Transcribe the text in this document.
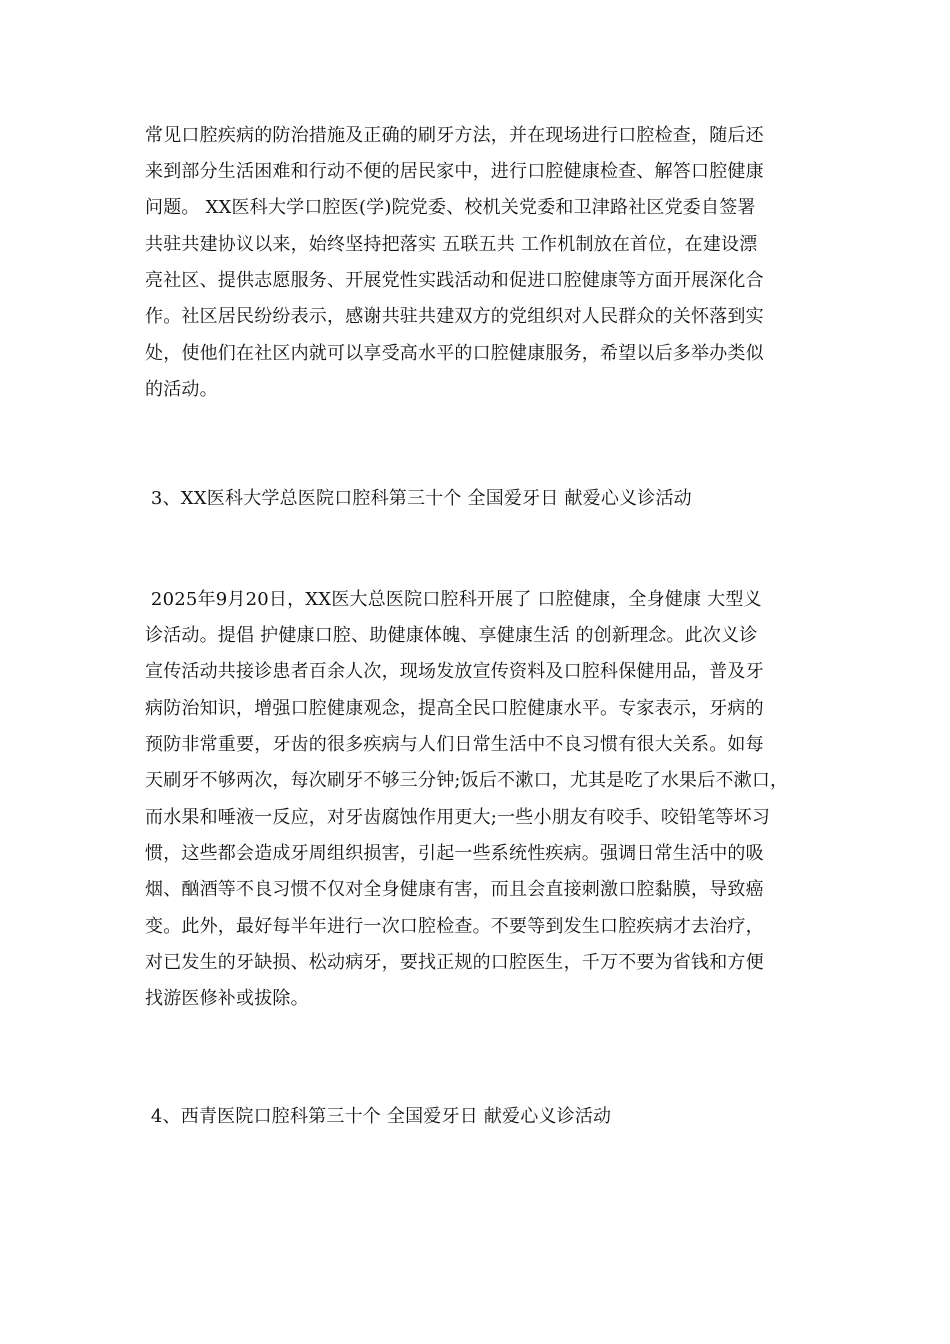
常见口腔疾病的防治措施及正确的刷牙方法，并在现场进行口腔检查，随后还
来到部分生活困难和行动不便的居民家中，进行口腔健康检查、解答口腔健康
问题。 XX医科大学口腔医(学)院党委、校机关党委和卫津路社区党委自签署
共驻共建协议以来，始终坚持把落实 五联五共 工作机制放在首位，在建设漂
亮社区、提供志愿服务、开展党性实践活动和促进口腔健康等方面开展深化合
作。社区居民纷纷表示，感谢共驻共建双方的党组织对人民群众的关怀落到实
处，使他们在社区内就可以享受高水平的口腔健康服务，希望以后多举办类似
的活动。
3、XX医科大学总医院口腔科第三十个 全国爱牙日 献爱心义诊活动
2025年9月20日，XX医大总医院口腔科开展了 口腔健康，全身健康 大型义
诊活动。提倡 护健康口腔、助健康体魄、享健康生活 的创新理念。此次义诊
宣传活动共接诊患者百余人次，现场发放宣传资料及口腔科保健用品，普及牙
病防治知识，增强口腔健康观念，提高全民口腔健康水平。专家表示，牙病的
预防非常重要，牙齿的很多疾病与人们日常生活中不良习惯有很大关系。如每
天刷牙不够两次，每次刷牙不够三分钟;饭后不漱口，尤其是吃了水果后不漱口，
而水果和唾液一反应，对牙齿腐蚀作用更大;一些小朋友有咬手、咬铅笔等坏习
惯，这些都会造成牙周组织损害，引起一些系统性疾病。强调日常生活中的吸
烟、酗酒等不良习惯不仅对全身健康有害，而且会直接刺激口腔黏膜，导致癌
变。此外，最好每半年进行一次口腔检查。不要等到发生口腔疾病才去治疗，
对已发生的牙缺损、松动病牙，要找正规的口腔医生，千万不要为省钱和方便
找游医修补或拔除。
4、西青医院口腔科第三十个 全国爱牙日 献爱心义诊活动
